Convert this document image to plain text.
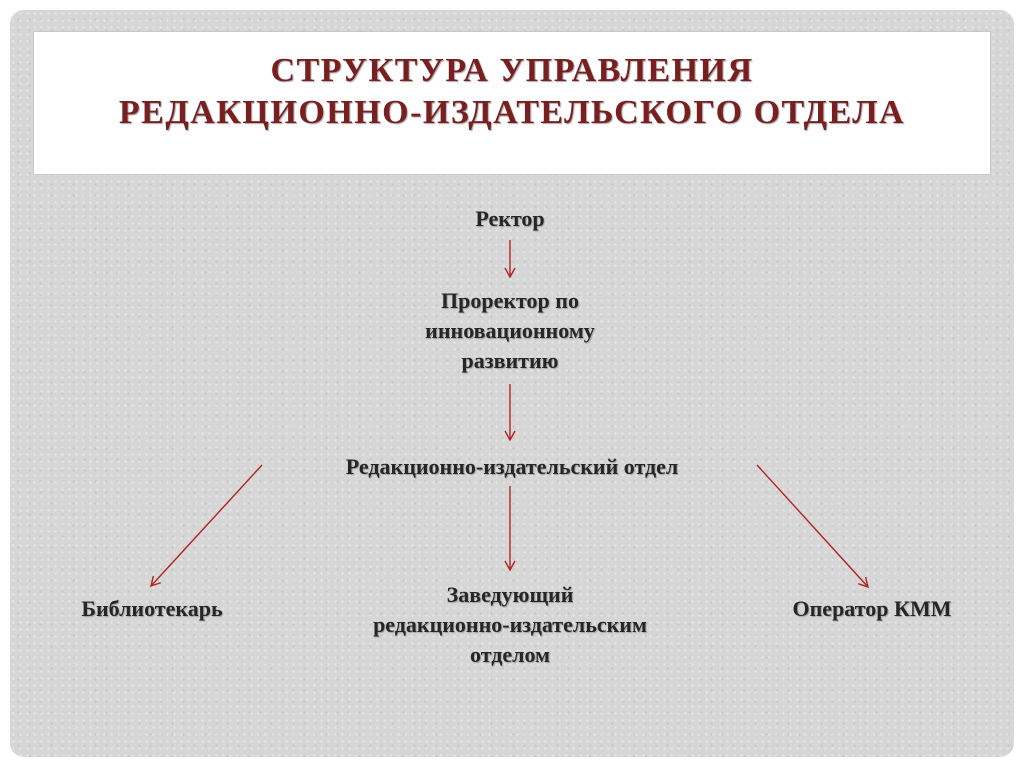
СТРУКТУРА УПРАВЛЕНИЯ
РЕДАКЦИОННО-ИЗДАТЕЛЬСКОГО ОТДЕЛА
Ректор
Проректор по
инновационному
развитию
Редакционно-издательский отдел
Библиотекарь
Заведующий
редакционно-издательским
отделом
Оператор КММ
